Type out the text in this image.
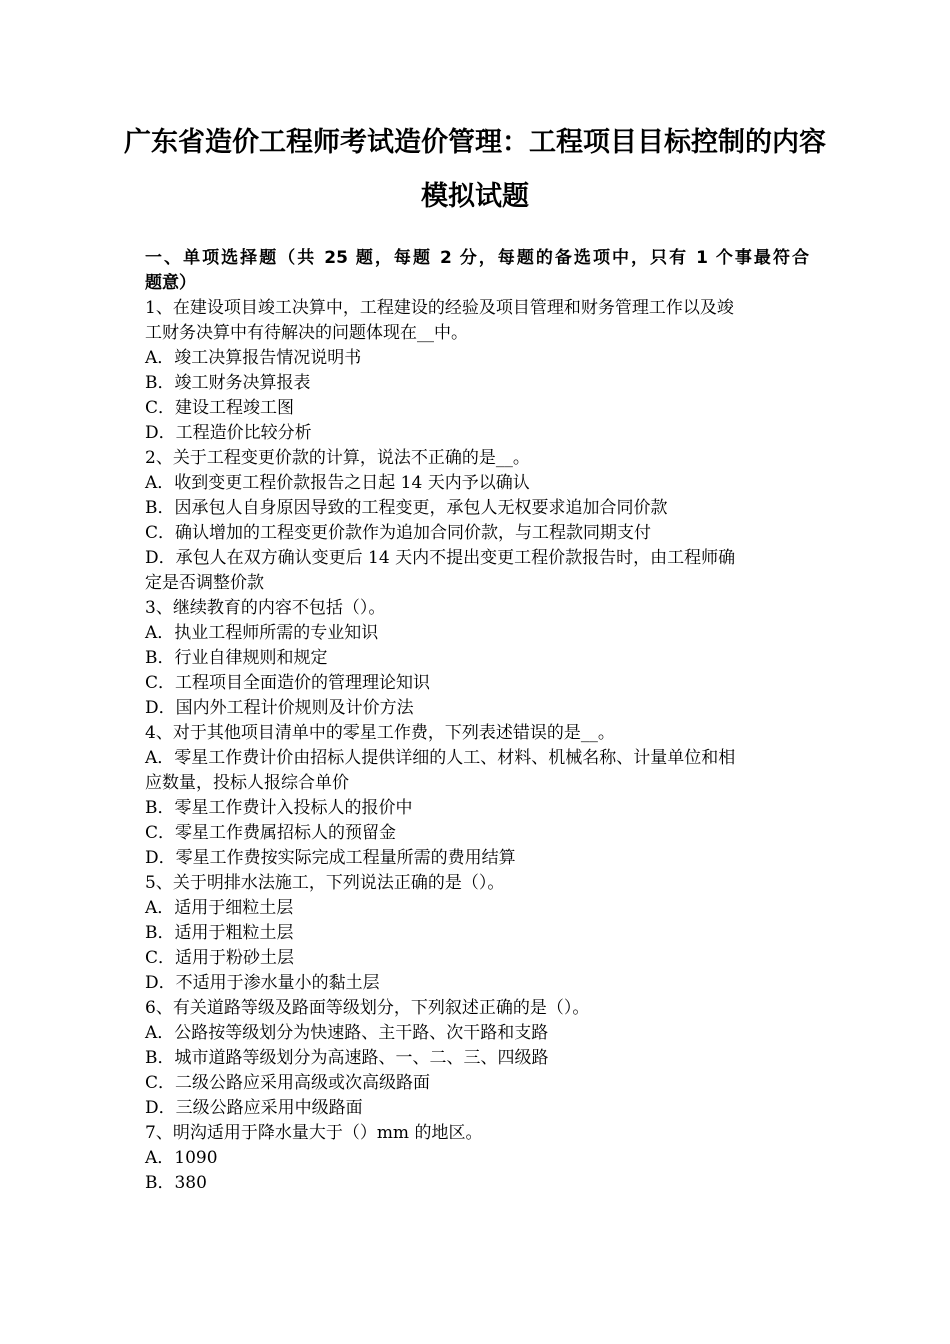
广东省造价工程师考试造价管理：工程项目目标控制的内容
模拟试题
一、单项选择题（共 25 题，每题 2 分，每题的备选项中，只有 1 个事最符合
题意）
1、在建设项目竣工决算中，工程建设的经验及项目管理和财务管理工作以及竣
工财务决算中有待解决的问题体现在__中。
A．竣工决算报告情况说明书
B．竣工财务决算报表
C．建设工程竣工图
D．工程造价比较分析
2、关于工程变更价款的计算，说法不正确的是__。
A．收到变更工程价款报告之日起 14 天内予以确认
B．因承包人自身原因导致的工程变更，承包人无权要求追加合同价款
C．确认增加的工程变更价款作为追加合同价款，与工程款同期支付
D．承包人在双方确认变更后 14 天内不提出变更工程价款报告时，由工程师确
定是否调整价款
3、继续教育的内容不包括（）。
A．执业工程师所需的专业知识
B．行业自律规则和规定
C．工程项目全面造价的管理理论知识
D．国内外工程计价规则及计价方法
4、对于其他项目清单中的零星工作费，下列表述错误的是__。
A．零星工作费计价由招标人提供详细的人工、材料、机械名称、计量单位和相
应数量，投标人报综合单价
B．零星工作费计入投标人的报价中
C．零星工作费属招标人的预留金
D．零星工作费按实际完成工程量所需的费用结算
5、关于明排水法施工，下列说法正确的是（）。
A．适用于细粒土层
B．适用于粗粒土层
C．适用于粉砂土层
D．不适用于渗水量小的黏土层
6、有关道路等级及路面等级划分，下列叙述正确的是（）。
A．公路按等级划分为快速路、主干路、次干路和支路
B．城市道路等级划分为高速路、一、二、三、四级路
C．二级公路应采用高级或次高级路面
D．三级公路应采用中级路面
7、明沟适用于降水量大于（）mm 的地区。
A．1090
B．380
